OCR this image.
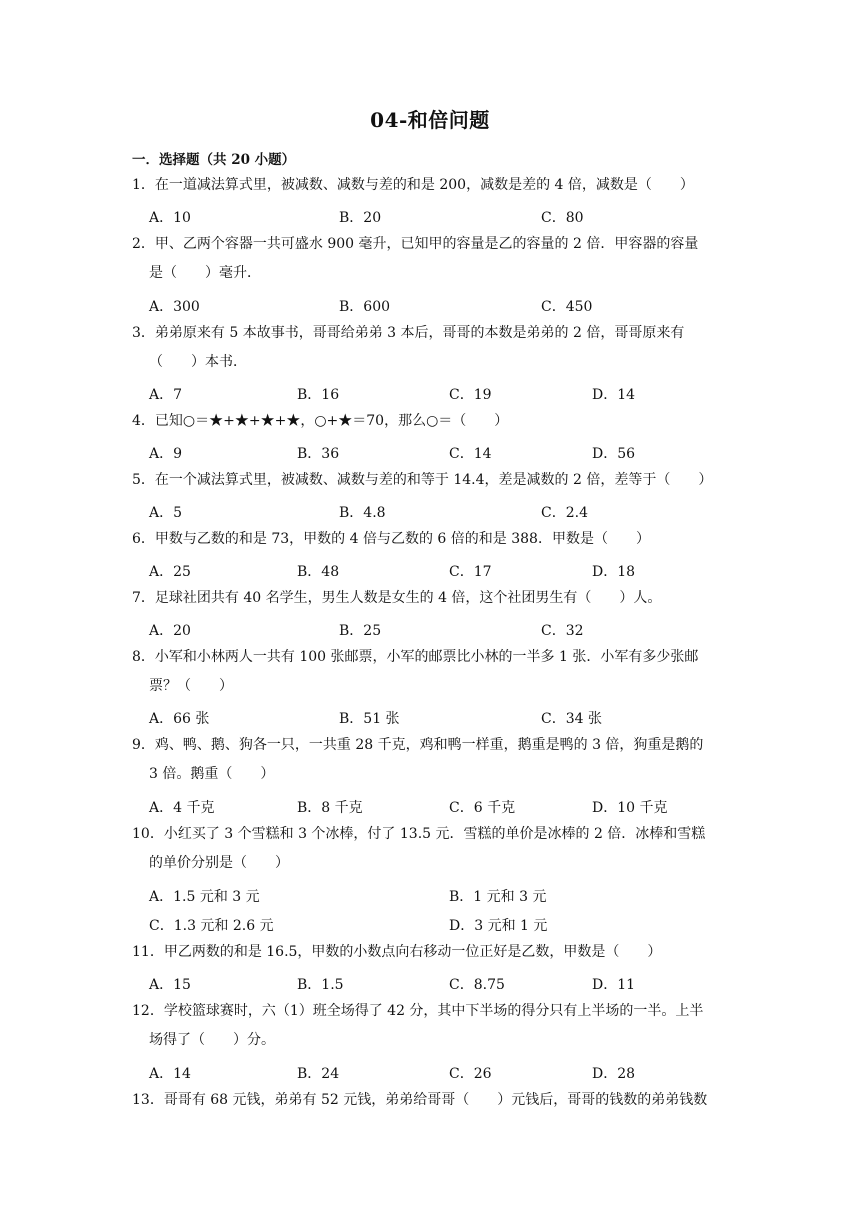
04-和倍问题
一．选择题（共 20 小题）
1．在一道减法算式里，被减数、减数与差的和是 200，减数是差的 4 倍，减数是（　　）
A．10	B．20	C．80
2．甲、乙两个容器一共可盛水 900 毫升，已知甲的容量是乙的容量的 2 倍．甲容器的容量
是（　　）毫升．
A．300	B．600	C．450
3．弟弟原来有 5 本故事书，哥哥给弟弟 3 本后，哥哥的本数是弟弟的 2 倍，哥哥原来有
（　　）本书．
A．7	B．16	C．19	D．14
4．已知○＝★+★+★+★，○+★＝70，那么○＝（　　）
A．9	B．36	C．14	D．56
5．在一个减法算式里，被减数、减数与差的和等于 14.4，差是减数的 2 倍，差等于（　　）
A．5	B．4.8	C．2.4
6．甲数与乙数的和是 73，甲数的 4 倍与乙数的 6 倍的和是 388．甲数是（　　）
A．25	B．48	C．17	D．18
7．足球社团共有 40 名学生，男生人数是女生的 4 倍，这个社团男生有（　　）人。
A．20	B．25	C．32
8．小军和小林两人一共有 100 张邮票，小军的邮票比小林的一半多 1 张．小军有多少张邮
票？（　　）
A．66 张	B．51 张	C．34 张
9．鸡、鸭、鹅、狗各一只，一共重 28 千克，鸡和鸭一样重，鹅重是鸭的 3 倍，狗重是鹅的
3 倍。鹅重（　　）
A．4 千克	B．8 千克	C．6 千克	D．10 千克
10．小红买了 3 个雪糕和 3 个冰棒，付了 13.5 元．雪糕的单价是冰棒的 2 倍．冰棒和雪糕
的单价分别是（　　）
A．1.5 元和 3 元	B．1 元和 3 元
C．1.3 元和 2.6 元	D．3 元和 1 元
11．甲乙两数的和是 16.5，甲数的小数点向右移动一位正好是乙数，甲数是（　　）
A．15	B．1.5	C．8.75	D．11
12．学校篮球赛时，六（1）班全场得了 42 分，其中下半场的得分只有上半场的一半。上半
场得了（　　）分。
A．14	B．24	C．26	D．28
13．哥哥有 68 元钱，弟弟有 52 元钱，弟弟给哥哥（　　）元钱后，哥哥的钱数的弟弟钱数
